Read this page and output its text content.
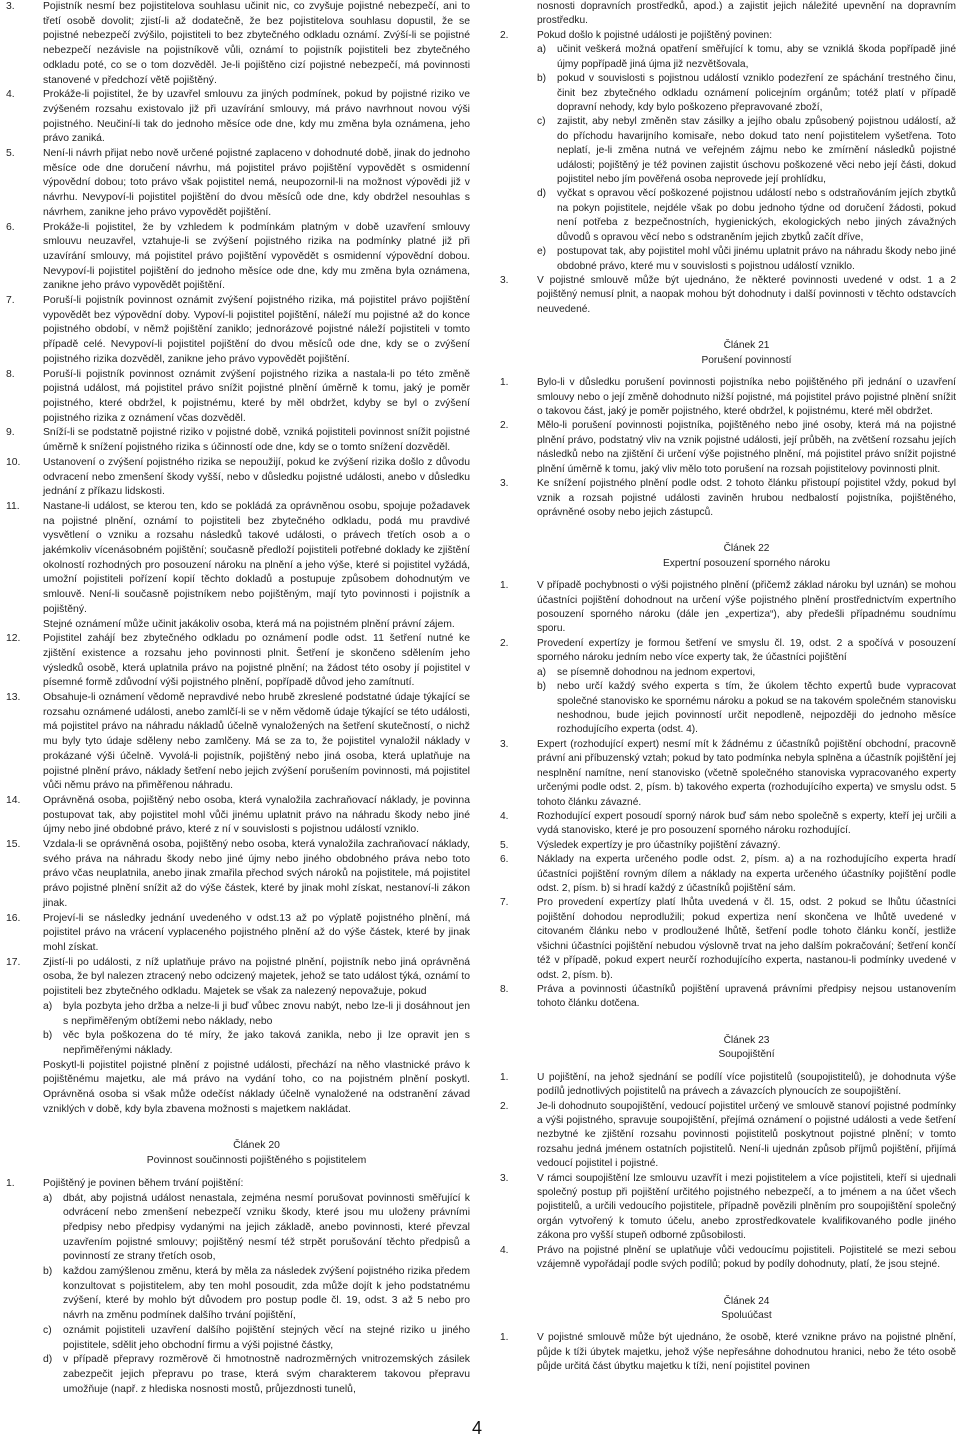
3.	Pojistník nesmí bez pojistitelova souhlasu učinit nic, co zvyšuje pojistné nebezpečí, ani to třetí osobě dovolit; zjistí-li až dodatečně, že bez pojistitelova souhlasu dopustil, že se pojistné nebezpečí zvýšilo, pojistiteli to bez zbytečného odkladu oznámí. Zvýší-li se pojistné nebezpečí nezávisle na pojistníkově vůli, oznámí to pojistník pojistiteli bez zbytečného odkladu poté, co se o tom dozvěděl. Je-li pojištěno cizí pojistné nebezpečí, má povinnosti stanovené v předchozí větě pojištěný.
4.	Prokáže-li pojistitel, že by uzavřel smlouvu za jiných podmínek, pokud by pojistné riziko ve zvýšeném rozsahu existovalo již při uzavírání smlouvy, má právo navrhnout novou výši pojistného. Neučiní-li tak do jednoho měsíce ode dne, kdy mu změna byla oznámena, jeho právo zaniká.
5.	Není-li návrh přijat nebo nově určené pojistné zaplaceno v dohodnuté době, jinak do jednoho měsíce ode dne doručení návrhu, má pojistitel právo pojištění vypovědět s osmidenní výpovědní dobou; toto právo však pojistitel nemá, neupozornil-li na možnost výpovědi již v návrhu. Nevypoví-li pojistitel pojištění do dvou měsíců ode dne, kdy obdržel nesouhlas s návrhem, zanikne jeho právo vypovědět pojištění.
6.	Prokáže-li pojistitel, že by vzhledem k podmínkám platným v době uzavření smlouvy smlouvu neuzavřel, vztahuje-li se zvýšení pojistného rizika na podmínky platné již při uzavírání smlouvy, má pojistitel právo pojištění vypovědět s osmidenní výpovědní dobou. Nevypoví-li pojistitel pojištění do jednoho měsíce ode dne, kdy mu změna byla oznámena, zanikne jeho právo vypovědět pojištění.
7.	Poruší-li pojistník povinnost oznámit zvýšení pojistného rizika, má pojistitel právo pojištění vypovědět bez výpovědní doby. Vypoví-li pojistitel pojištění, náleží mu pojistné až do konce pojistného období, v němž pojištění zaniklo; jednorázové pojistné náleží pojistiteli v tomto případě celé. Nevypoví-li pojistitel pojištění do dvou měsíců ode dne, kdy se o zvýšení pojistného rizika dozvěděl, zanikne jeho právo vypovědět pojištění.
8.	Poruší-li pojistník povinnost oznámit zvýšení pojistného rizika a nastala-li po této změně pojistná událost, má pojistitel právo snížit pojistné plnění úměrně k tomu, jaký je poměr pojistného, které obdržel, k pojistnému, které by měl obdržet, kdyby se byl o zvýšení pojistného rizika z oznámení včas dozvěděl.
9.	Sníží-li se podstatně pojistné riziko v pojistné době, vzniká pojistiteli povinnost snížit pojistné úměrně k snížení pojistného rizika s účinností ode dne, kdy se o tomto snížení dozvěděl.
10.	Ustanovení o zvýšení pojistného rizika se nepoužijí, pokud ke zvýšení rizika došlo z důvodu odvracení nebo zmenšení škody vyšší, nebo v důsledku pojistné události, anebo v důsledku jednání z příkazu lidskosti.
11.	Nastane-li událost, se kterou ten, kdo se pokládá za oprávněnou osobu, spojuje požadavek na pojistné plnění, oznámí to pojistiteli bez zbytečného odkladu, podá mu pravdivé vysvětlení o vzniku a rozsahu následků takové události, o právech třetích osob a o jakémkoliv vícenásobném pojištění; současně předloží pojistiteli potřebné doklady ke zjištění okolností rozhodných pro posouzení nároku na plnění a jeho výše, které si pojistitel vyžádá, umožní pojistiteli pořízení kopií těchto dokladů a postupuje způsobem dohodnutým ve smlouvě. Není-li současně pojistníkem nebo pojištěným, mají tyto povinnosti i pojistník a pojištěný.
Stejné oznámení může učinit jakákoliv osoba, která má na pojistném plnění právní zájem.
12.	Pojistitel zahájí bez zbytečného odkladu po oznámení podle odst. 11 šetření nutné ke zjištění existence a rozsahu jeho povinnosti plnit. Šetření je skončeno sdělením jeho výsledků osobě, která uplatnila právo na pojistné plnění; na žádost této osoby jí pojistitel v písemné formě zdůvodní výši pojistného plnění, popřípadě důvod jeho zamítnutí.
13.	Obsahuje-li oznámení vědomě nepravdivé nebo hrubě zkreslené podstatné údaje týkající se rozsahu oznámené události, anebo zamlčí-li se v něm vědomě údaje týkající se této události, má pojistitel právo na náhradu nákladů účelně vynaložených na šetření skutečností, o nichž mu byly tyto údaje sděleny nebo zamlčeny. Má se za to, že pojistitel vynaložil náklady v prokázané výši účelně. Vyvolá-li pojistník, pojištěný nebo jiná osoba, která uplatňuje na pojistné plnění právo, náklady šetření nebo jejich zvýšení porušením povinnosti, má pojistitel vůči němu právo na přiměřenou náhradu.
14.	Oprávněná osoba, pojištěný nebo osoba, která vynaložila zachraňovací náklady, je povinna postupovat tak, aby pojistitel mohl vůči jinému uplatnit právo na náhradu škody nebo jiné újmy nebo jiné obdobné právo, které z ní v souvislosti s pojistnou událostí vzniklo.
15.	Vzdala-li se oprávněná osoba, pojištěný nebo osoba, která vynaložila zachraňovací náklady, svého práva na náhradu škody nebo jiné újmy nebo jiného obdobného práva nebo toto právo včas neuplatnila, anebo jinak zmařila přechod svých nároků na pojistitele, má pojistitel právo pojistné plnění snížit až do výše částek, které by jinak mohl získat, nestanoví-li zákon jinak.
16.	Projeví-li se následky jednání uvedeného v odst.13 až po výplatě pojistného plnění, má pojistitel právo na vrácení vyplaceného pojistného plnění až do výše částek, které by jinak mohl získat.
17.	Zjistí-li po události, z níž uplatňuje právo na pojistné plnění, pojistník nebo jiná oprávněná osoba, že byl nalezen ztracený nebo odcizený majetek, jehož se tato událost týká, oznámí to pojistiteli bez zbytečného odkladu. Majetek se však za nalezený nepovažuje, pokud
a)	byla pozbyta jeho držba a nelze-li ji buď vůbec znovu nabýt, nebo lze-li ji dosáhnout jen s nepřiměřeným obtížemi nebo náklady, nebo
b)	věc byla poškozena do té míry, že jako taková zanikla, nebo ji lze opravit jen s nepřiměřenými náklady.
Poskytl-li pojistitel pojistné plnění z pojistné události, přechází na něho vlastnické právo k pojištěnému majetku, ale má právo na vydání toho, co na pojistném plnění poskytl. Oprávněná osoba si však může odečíst náklady účelně vynaložené na odstranění závad vzniklých v době, kdy byla zbavena možnosti s majetkem nakládat.
Článek 20
Povinnost součinnosti pojištěného s pojistitelem
1.	Pojištěný je povinen během trvání pojištění:
a)	dbát, aby pojistná událost nenastala, zejména nesmí porušovat povinnosti směřující k odvrácení nebo zmenšení nebezpečí vzniku škody, které jsou mu uloženy právními předpisy nebo předpisy vydanými na jejich základě, anebo povinnosti, které převzal uzavřením pojistné smlouvy; pojištěný nesmí též strpět porušování těchto předpisů a povinností ze strany třetích osob,
b)	každou zamýšlenou změnu, která by měla za následek zvýšení pojistného rizika předem konzultovat s pojistitelem, aby ten mohl posoudit, zda může dojít k jeho podstatnému zvýšení, které by mohlo být důvodem pro postup podle čl. 19, odst. 3 až 5 nebo pro návrh na změnu podmínek dalšího trvání pojištění,
c)	oznámit pojistiteli uzavření dalšího pojištění stejných věcí na stejné riziko u jiného pojistitele, sdělit jeho obchodní firmu a výši pojistné částky,
d)	v případě přepravy rozměrově či hmotnostně nadrozměrných vnitrozemských zásilek zabezpečit jejich přepravu po trase, která svým charakterem takovou přepravu umožňuje (např. z hlediska nosnosti mostů, průjezdnosti tunelů,
nosnosti dopravních prostředků, apod.) a zajistit jejich náležité upevnění na dopravním prostředku.
2.	Pokud došlo k pojistné události je pojištěný povinen:
a)	učinit veškerá možná opatření směřující k tomu, aby se vzniklá škoda popřípadě jiné újmy popřípadě jiná újma již nezvětšovala,
b)	pokud v souvislosti s pojistnou událostí vzniklo podezření ze spáchání trestného činu, činit bez zbytečného odkladu oznámení policejním orgánům; totéž platí v případě dopravní nehody, kdy bylo poškozeno přepravované zboží,
c)	zajistit, aby nebyl změněn stav zásilky a jejího obalu způsobený pojistnou událostí, až do příchodu havarijního komisaře, nebo dokud tato není pojistitelem vyšetřena. Toto neplatí, je-li změna nutná ve veřejném zájmu nebo ke zmírnění následků pojistné události; pojištěný je též povinen zajistit úschovu poškozené věci nebo její části, dokud pojistitel nebo jím pověřená osoba neprovede její prohlídku,
d)	vyčkat s opravou věcí poškozené pojistnou událostí nebo s odstraňováním jejích zbytků na pokyn pojistitele, nejdéle však po dobu jednoho týdne od doručení žádosti, pokud není potřeba z bezpečnostních, hygienických, ekologických nebo jiných závažných důvodů s opravou věcí nebo s odstraněním jejich zbytků začít dříve,
e)	postupovat tak, aby pojistitel mohl vůči jinému uplatnit právo na náhradu škody nebo jiné obdobné právo, které mu v souvislosti s pojistnou událostí vzniklo.
3.	V pojistné smlouvě může být ujednáno, že některé povinnosti uvedené v odst. 1 a 2 pojištěný nemusí plnit, a naopak mohou být dohodnuty i další povinnosti v těchto odstavcích neuvedené.
Článek 21
Porušení povinností
1.	Bylo-li v důsledku porušení povinnosti pojistníka nebo pojištěného při jednání o uzavření smlouvy nebo o její změně dohodnuto nižší pojistné, má pojistitel právo pojistné plnění snížit o takovou část, jaký je poměr pojistného, které obdržel, k pojistnému, které měl obdržet.
2.	Mělo-li porušení povinnosti pojistníka, pojištěného nebo jiné osoby, která má na pojistné plnění právo, podstatný vliv na vznik pojistné události, její průběh, na zvětšení rozsahu jejích následků nebo na zjištění či určení výše pojistného plnění, má pojistitel právo snížit pojistné plnění úměrně k tomu, jaký vliv mělo toto porušení na rozsah pojistitelovy povinnosti plnit.
3.	Ke snížení pojistného plnění podle odst. 2 tohoto článku přistoupí pojistitel vždy, pokud byl vznik a rozsah pojistné události zaviněn hrubou nedbalostí pojistníka, pojištěného, oprávněné osoby nebo jejich zástupců.
Článek 22
Expertní posouzení sporného nároku
1.	V případě pochybnosti o výši pojistného plnění (přičemž základ nároku byl uznán) se mohou účastníci pojištění dohodnout na určení výše pojistného plnění prostřednictvím expertního posouzení sporného nároku (dále jen „expertiza“), aby předešli případnému soudnímu sporu.
2.	Provedení expertízy je formou šetření ve smyslu čl. 19, odst. 2 a spočívá v posouzení sporného nároku jedním nebo více experty tak, že účastníci pojištění
a)	se písemně dohodnou na jednom expertovi,
b)	nebo určí každý svého experta s tím, že úkolem těchto expertů bude vypracovat společné stanovisko ke spornému nároku a pokud se na takovém společném stanovisku neshodnou, bude jejich povinností určit nepodleně, nejpozději do jednoho měsíce rozhodujícího experta (odst. 4).
3.	Expert (rozhodující expert) nesmí mít k žádnému z účastníků pojištění obchodní, pracovně právní ani příbuzenský vztah; pokud by tato podmínka nebyla splněna a účastník pojištění jej nesplnění namítne, není stanovisko (včetně společného stanoviska vypracovaného experty určenými podle odst. 2, písm. b) takového experta (rozhodujícího experta) ve smyslu odst. 5 tohoto článku závazné.
4.	Rozhodující expert posoudí sporný nárok buď sám nebo společně s experty, kteří jej určili a vydá stanovisko, které je pro posouzení sporného nároku rozhodující.
5.	Výsledek expertízy je pro účastníky pojištění závazný.
6.	Náklady na experta určeného podle odst. 2, písm. a) a na rozhodujícího experta hradí účastníci pojištění rovným dílem a náklady na experta určeného účastníky pojištění podle odst. 2, písm. b) si hradí každý z účastníků pojištění sám.
7.	Pro provedení expertízy platí lhůta uvedená v čl. 15, odst. 2 pokud se lhůtu účastníci pojištění dohodou neprodlužili; pokud expertiza není skončena ve lhůtě uvedené v citovaném článku nebo v prodloužené lhůtě, šetření podle tohoto článku končí, jestliže všichni účastníci pojištění nebudou výslovně trvat na jeho dalším pokračování; šetření končí též v případě, pokud expert neurčí rozhodujícího experta, nastanou-li podmínky uvedené v odst. 2, písm. b).
8.	Práva a povinnosti účastníků pojištění upravená právními předpisy nejsou ustanovením tohoto článku dotčena.
Článek 23
Soupojištění
1.	U pojištění, na jehož sjednání se podílí více pojistitelů (soupojistitelů), je dohodnuta výše podílů jednotlivých pojistitelů na právech a závazcích plynoucích ze soupojištění.
2.	Je-li dohodnuto soupojištění, vedoucí pojistitel určený ve smlouvě stanoví pojistné podmínky a výši pojistného, spravuje soupojištění, přejímá oznámení o pojistné události a vede šetření nezbytné ke zjištění rozsahu povinnosti pojistitelů poskytnout pojistné plnění; v tomto rozsahu jedná jménem ostatních pojistitelů. Není-li ujednán způsob příjmů pojištění, přijímá vedoucí pojistitel i pojistné.
3.	V rámci soupojištění lze smlouvu uzavřít i mezi pojistitelem a více pojistiteli, kteří si ujednali společný postup při pojištění určitého pojistného nebezpečí, a to jménem a na účet všech pojistitelů, a určili vedoucího pojistitele, případně povězili plněním pro soupojištění společný orgán vytvořený k tomuto účelu, anebo zprostředkovatele kvalifikovaného podle jiného zákona pro vyšší stupeň odborné způsobilosti.
4.	Právo na pojistné plnění se uplatňuje vůči vedoucímu pojistiteli. Pojistitelé se mezi sebou vzájemně vypořádají podle svých podílů; pokud by podíly dohodnuty, platí, že jsou stejné.
Článek 24
Spoluúčast
1.	V pojistné smlouvě může být ujednáno, že osobě, které vznikne právo na pojistné plnění, půjde k tíži úbytek majetku, jehož výše nepřesáhne dohodnutou hranici, nebo že této osobě půjde určitá část úbytku majetku k tíži, není pojistitel povinen
4
